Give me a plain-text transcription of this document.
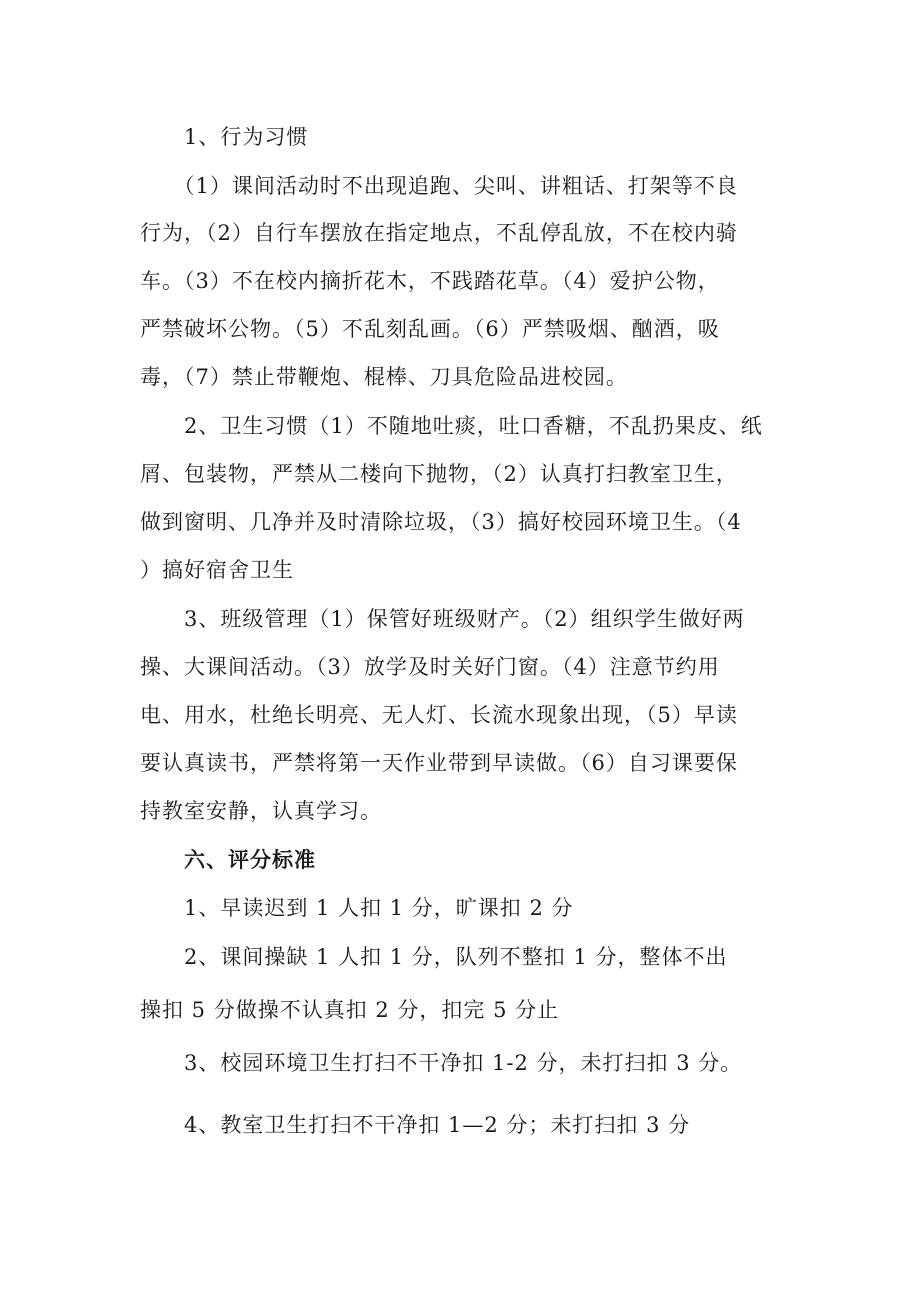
　　1、行为习惯
　　（1）课间活动时不出现追跑、尖叫、讲粗话、打架等不良
行为，（2）自行车摆放在指定地点，不乱停乱放，不在校内骑
车。（3）不在校内摘折花木，不践踏花草。（4）爱护公物，
严禁破坏公物。（5）不乱刻乱画。（6）严禁吸烟、酗酒，吸
毒，（7）禁止带鞭炮、棍棒、刀具危险品进校园。
　　2、卫生习惯（1）不随地吐痰，吐口香糖，不乱扔果皮、纸
屑、包装物，严禁从二楼向下抛物，（2）认真打扫教室卫生，
做到窗明、几净并及时清除垃圾，（3）搞好校园环境卫生。（4
）搞好宿舍卫生
　　3、班级管理（1）保管好班级财产。（2）组织学生做好两
操、大课间活动。（3）放学及时关好门窗。（4）注意节约用
电、用水，杜绝长明亮、无人灯、长流水现象出现，（5）早读
要认真读书，严禁将第一天作业带到早读做。（6）自习课要保
持教室安静，认真学习。
　　六、评分标准
　　1、早读迟到 1 人扣 1 分，旷课扣 2 分
　　2、课间操缺 1 人扣 1 分，队列不整扣 1 分，整体不出
操扣 5 分做操不认真扣 2 分，扣完 5 分止
　　3、校园环境卫生打扫不干净扣 1-2 分，未打扫扣 3 分。
　　4、教室卫生打扫不干净扣 1—2 分；未打扫扣 3 分
